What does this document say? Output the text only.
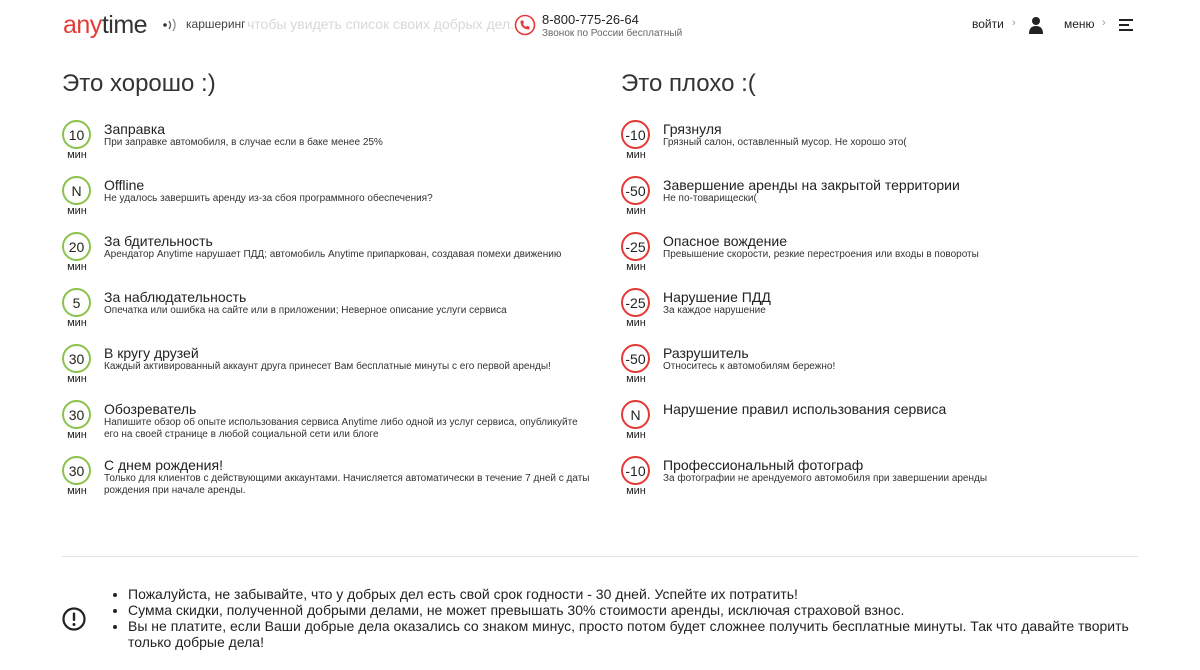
anytime	каршеринг чтобы увидеть список своих добрых дел. 8-800-775-26-64
Звонок по России бесплатный
войти ›	меню ›
Это хорошо :)
10
мин
Заправка
При заправке автомобиля, в случае если в баке менее 25%
N
мин
Offline
Не удалось завершить аренду из-за сбоя программного обеспечения?
20
мин
За бдительность
Арендатор Anytime нарушает ПДД; автомобиль Anytime припаркован, создавая помехи движению
5
мин
За наблюдательность
Опечатка или ошибка на сайте или в приложении; Неверное описание услуги сервиса
30
мин
В кругу друзей
Каждый активированный аккаунт друга принесет Вам бесплатные минуты с его первой аренды!
30
мин
Обозреватель
Напишите обзор об опыте использования сервиса Anytime либо одной из услуг сервиса, опубликуйте его на своей странице в любой социальной сети или блоге
30
мин
С днем рождения!
Только для клиентов с действующими аккаунтами. Начисляется автоматически в течение 7 дней с даты рождения при начале аренды.
Это плохо :(
-10
мин
Грязнуля
Грязный салон, оставленный мусор. Не хорошо это(
-50
мин
Завершение аренды на закрытой территории
Не по-товарищески(
-25
мин
Опасное вождение
Превышение скорости, резкие перестроения или входы в повороты
-25
мин
Нарушение ПДД
За каждое нарушение
-50
мин
Разрушитель
Относитесь к автомобилям бережно!
N
мин
Нарушение правил использования сервиса
-10
мин
Профессиональный фотограф
За фотографии не арендуемого автомобиля при завершении аренды
• Пожалуйста, не забывайте, что у добрых дел есть свой срок годности - 30 дней. Успейте их потратить!
• Сумма скидки, полученной добрыми делами, не может превышать 30% стоимости аренды, исключая страховой взнос.
• Вы не платите, если Ваши добрые дела оказались со знаком минус, просто потом будет сложнее получить бесплатные минуты. Так что давайте творить только добрые дела!
